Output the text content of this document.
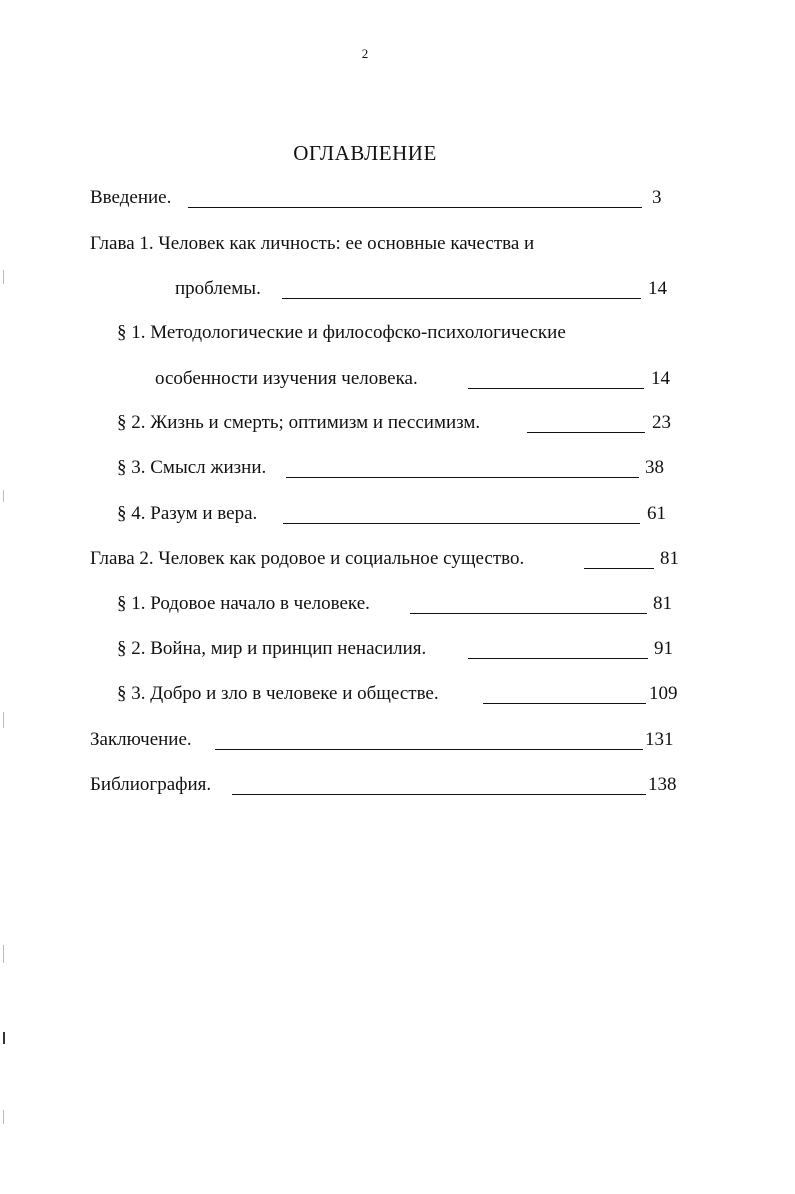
2
ОГЛАВЛЕНИЕ
Введение.	3
Глава 1. Человек как личность: ее основные качества и
проблемы.	14
§ 1. Методологические и философско-психологические
особенности изучения человека.	14
§ 2. Жизнь и смерть; оптимизм и пессимизм.	23
§ 3. Смысл жизни.	38
§ 4. Разум и вера.	61
Глава 2. Человек как родовое и социальное существо.	81
§ 1. Родовое начало в человеке.	81
§ 2. Война, мир и принцип ненасилия.	91
§ 3. Добро и зло в человеке и обществе.	109
Заключение.	131
Библиография.	138
